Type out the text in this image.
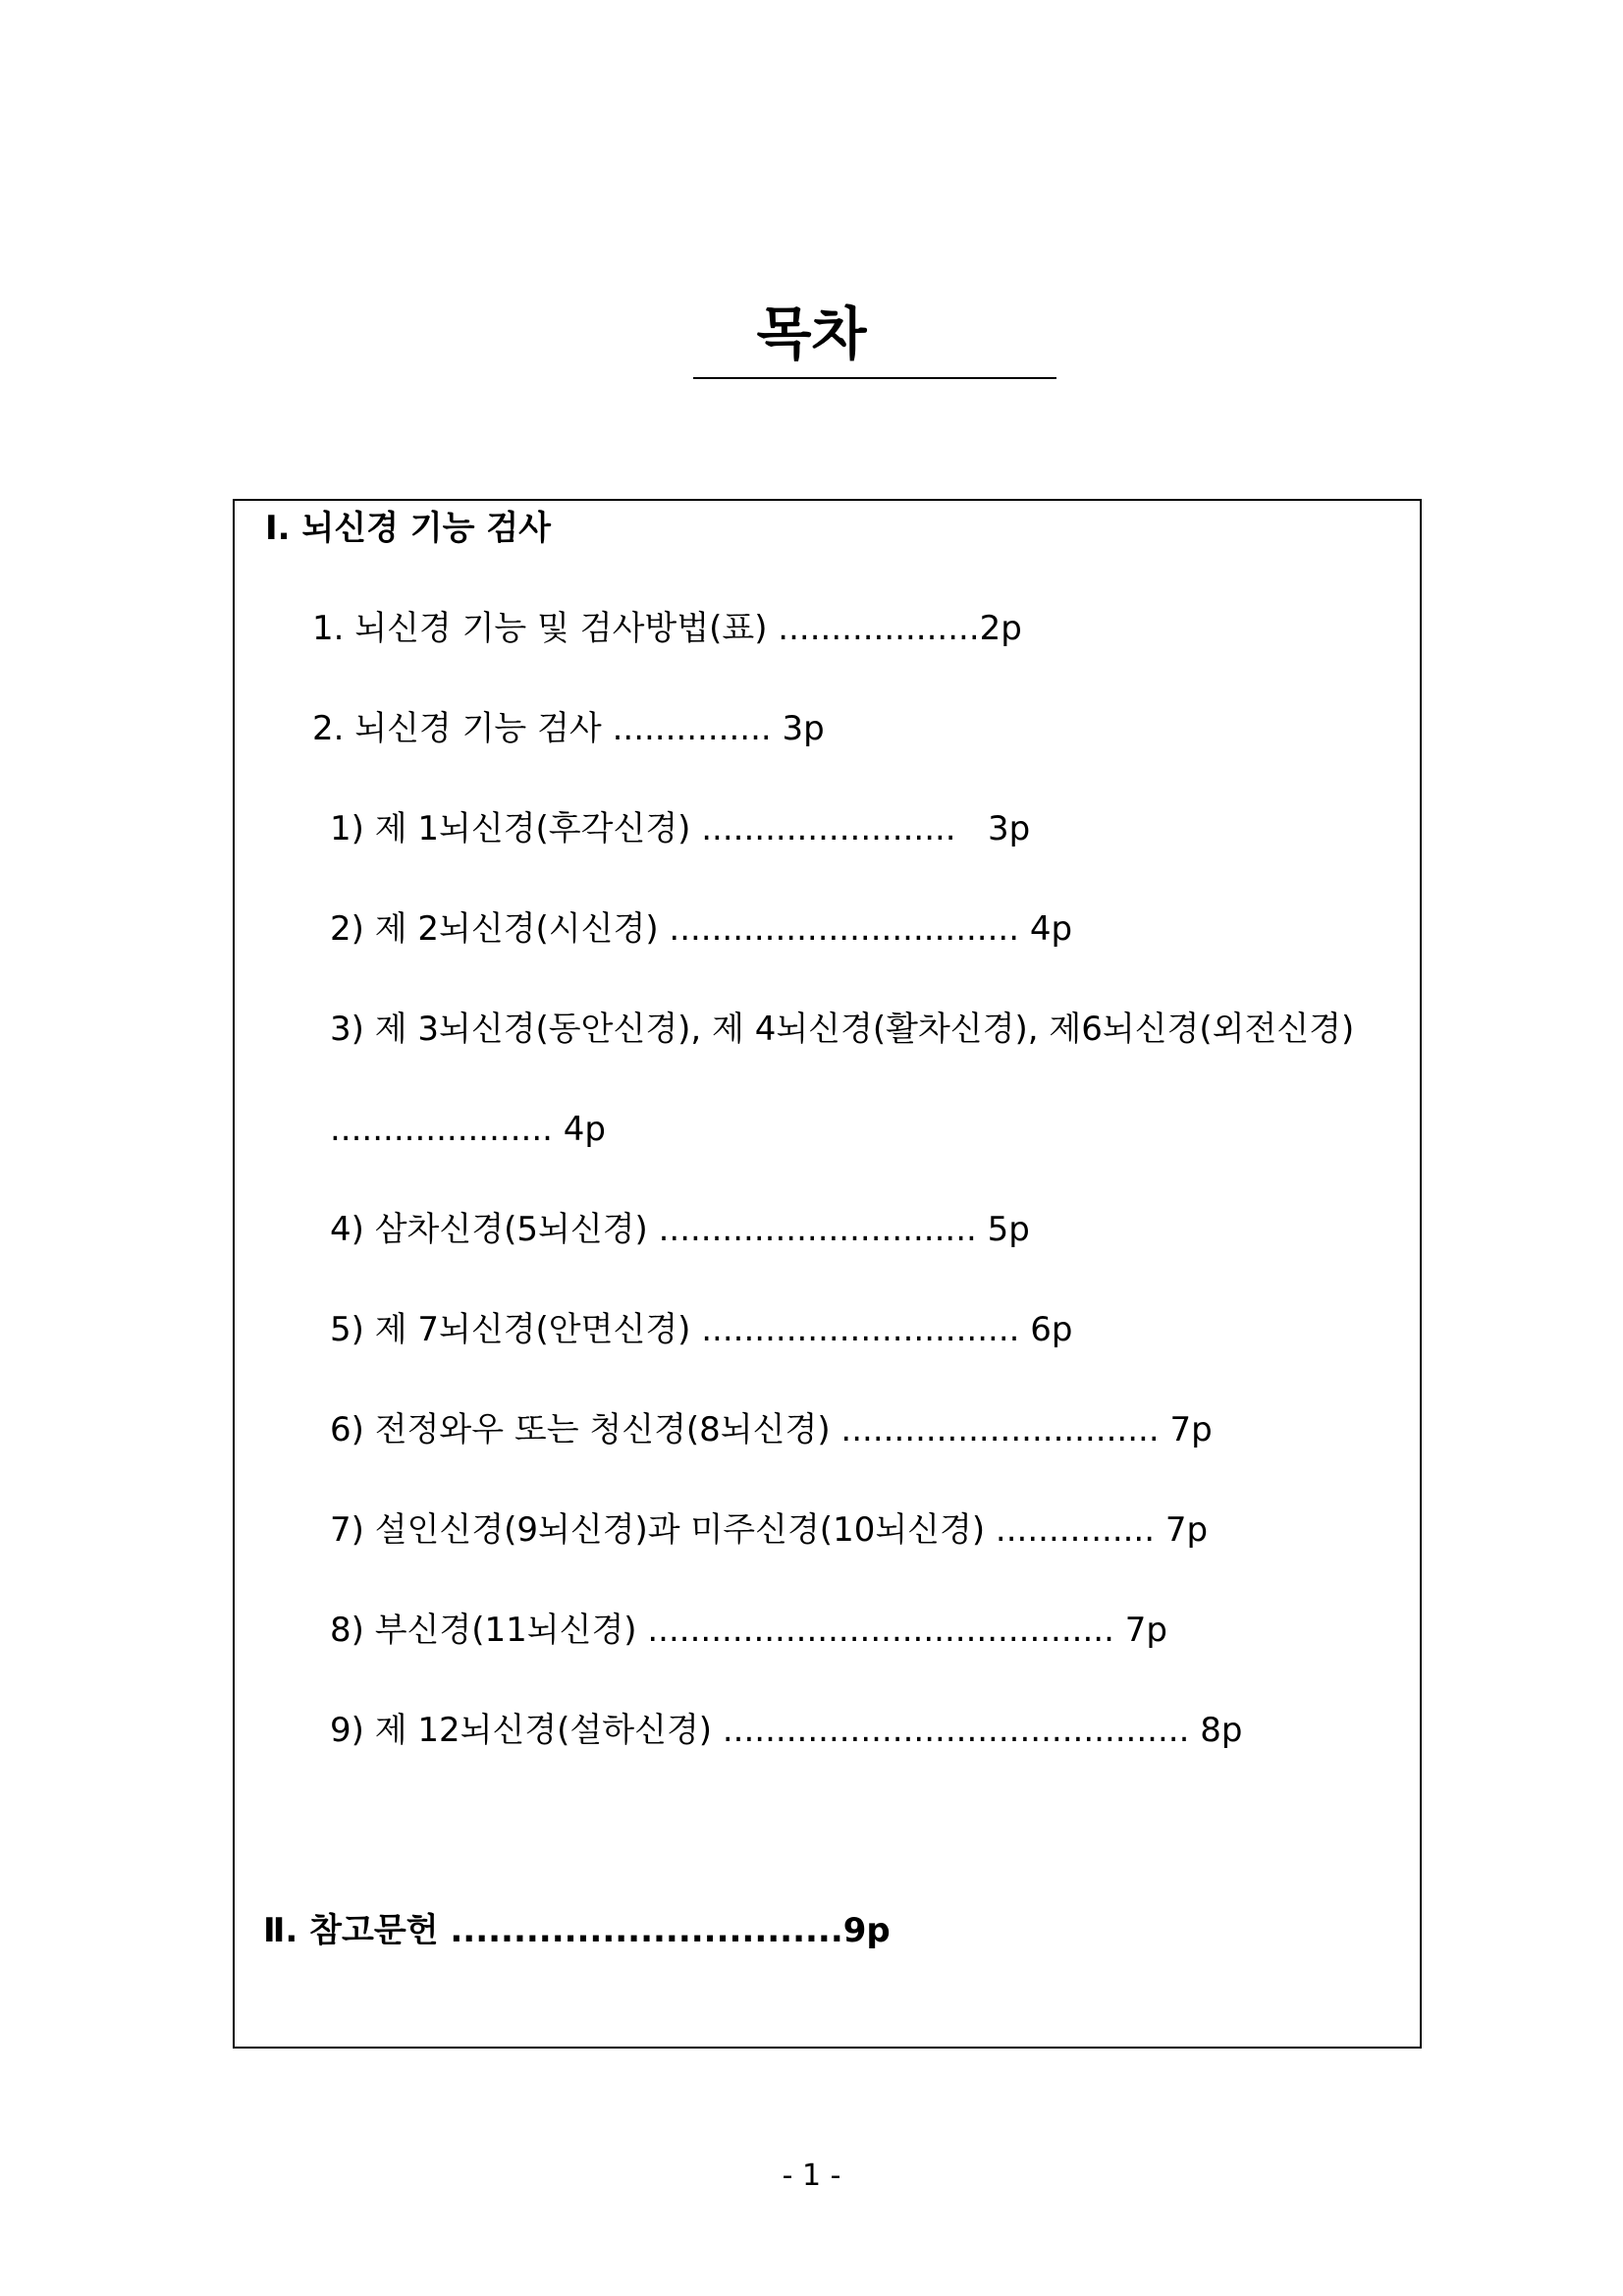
목차
Ⅰ. 뇌신경 기능 검사
1. 뇌신경 기능 및 검사방법(표) ...................2p
2. 뇌신경 기능 검사 ............... 3p
1) 제 1뇌신경(후각신경) ........................   3p
2) 제 2뇌신경(시신경) ................................. 4p
3) 제 3뇌신경(동안신경), 제 4뇌신경(활차신경), 제6뇌신경(외전신경)
..................... 4p
4) 삼차신경(5뇌신경) .............................. 5p
5) 제 7뇌신경(안면신경) .............................. 6p
6) 전정와우 또는 청신경(8뇌신경) .............................. 7p
7) 설인신경(9뇌신경)과 미주신경(10뇌신경) ............... 7p
8) 부신경(11뇌신경) ............................................ 7p
9) 제 12뇌신경(설하신경) ............................................ 8p
Ⅱ. 참고문헌 ...............................9p
- 1 -
